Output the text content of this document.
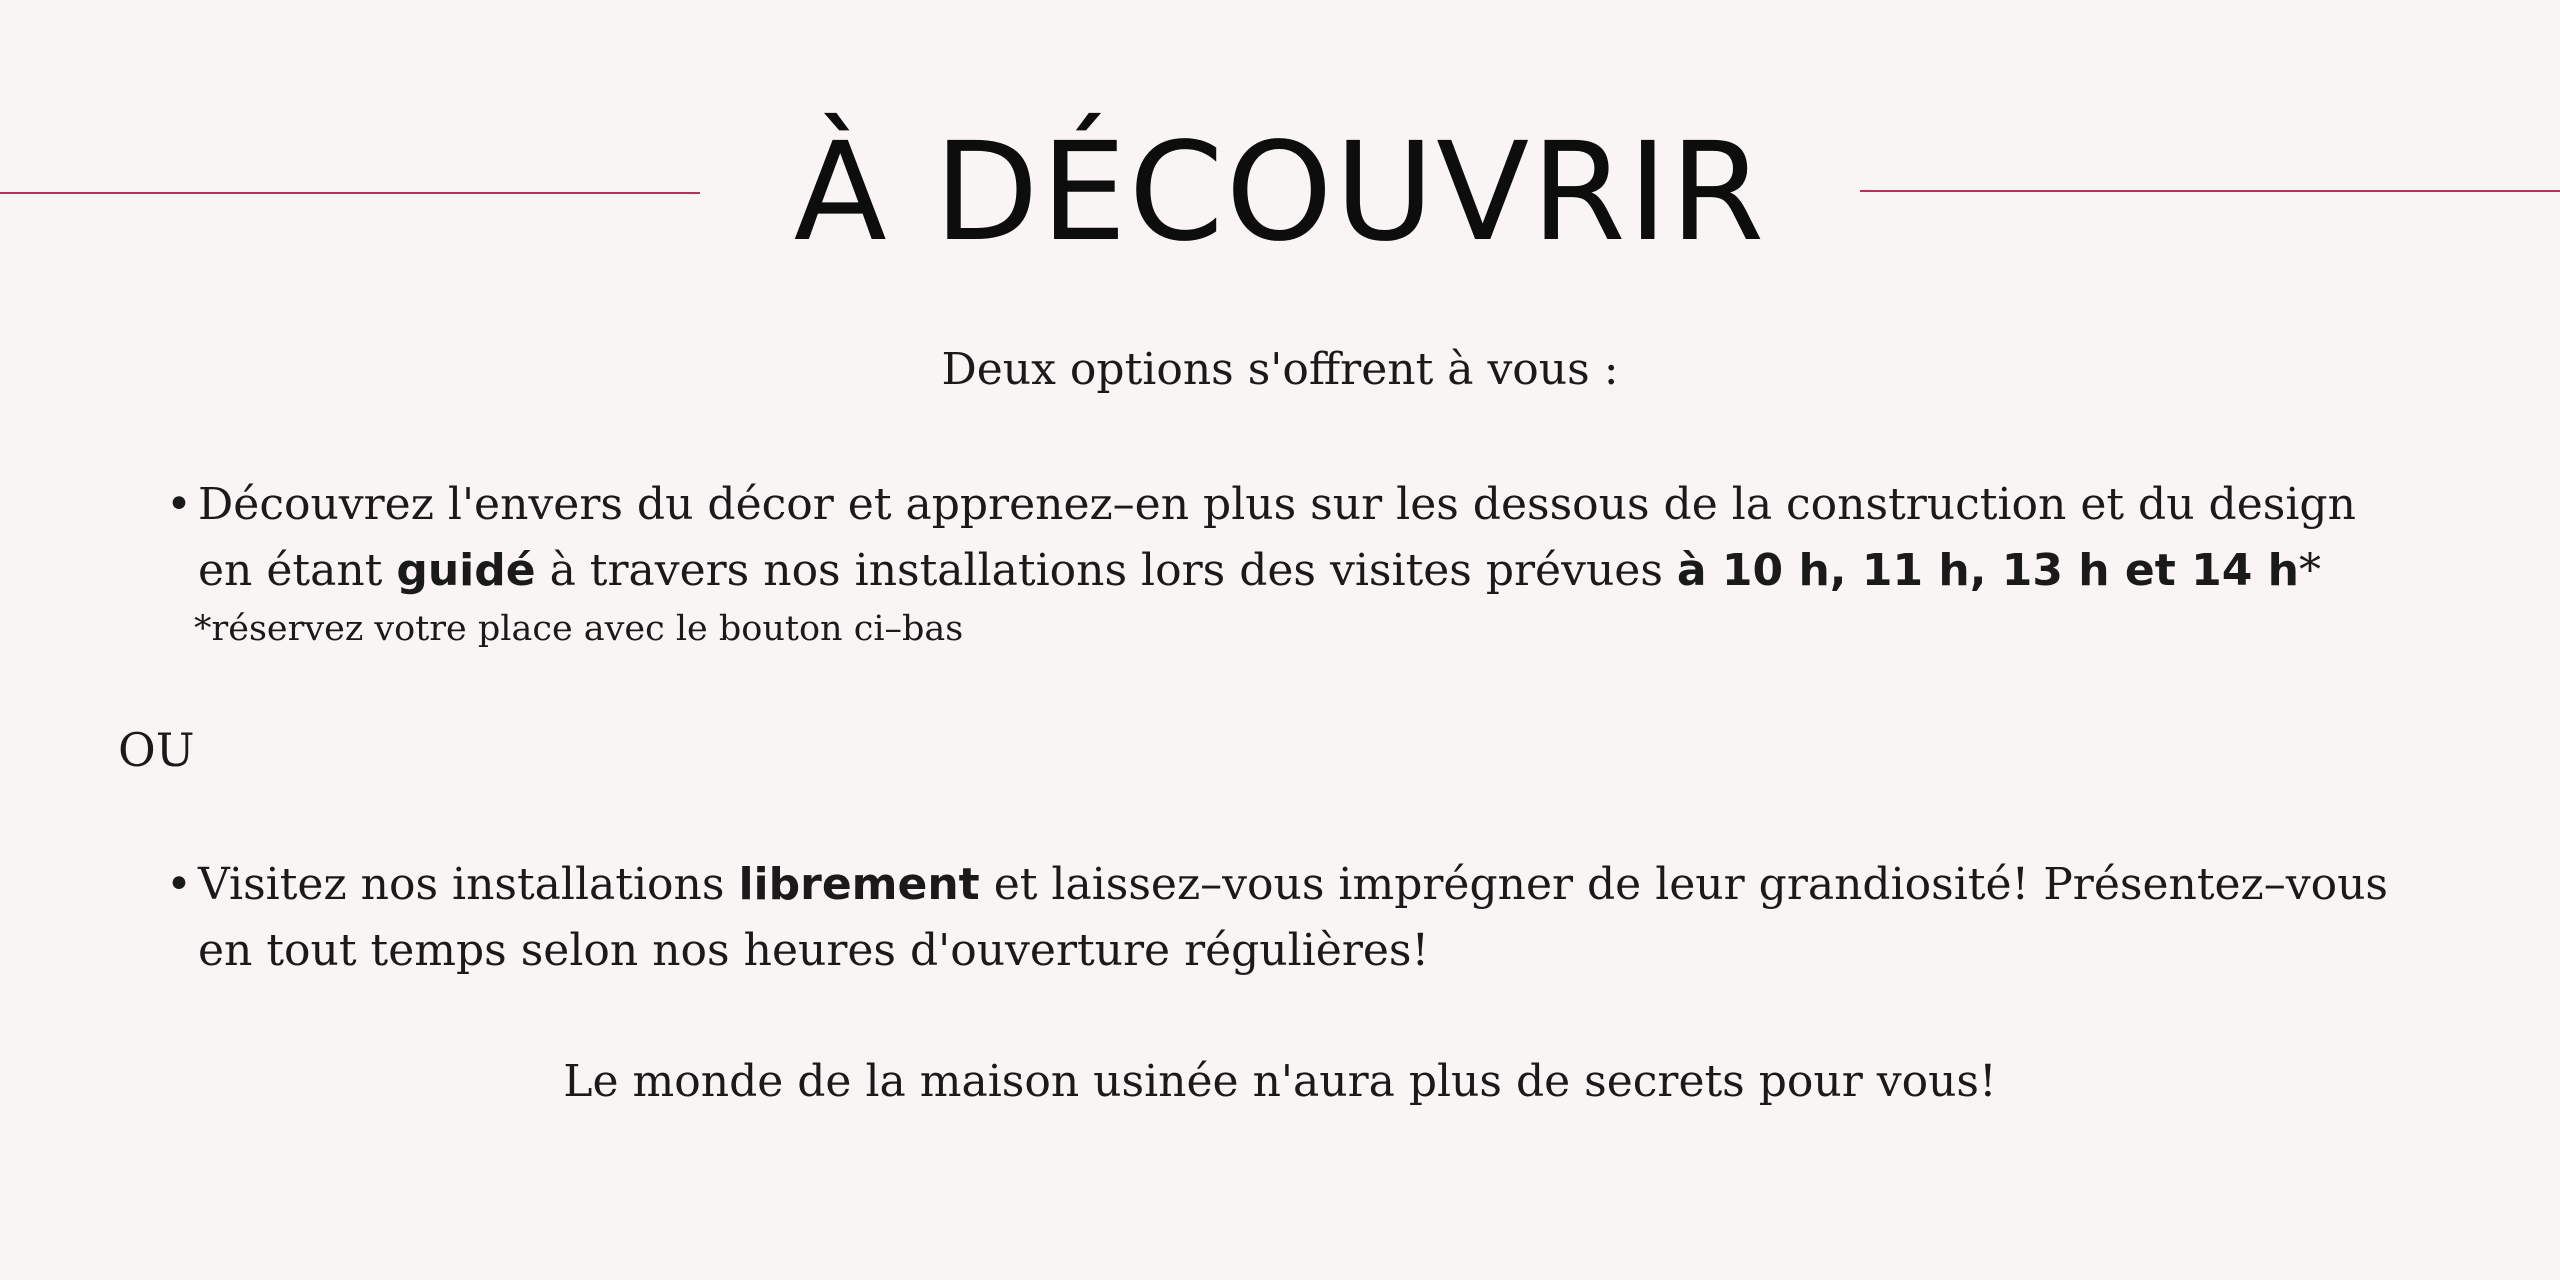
À DÉCOUVRIR

Deux options s'offrent à vous :

• Découvrez l'envers du décor et apprenez–en plus sur les dessous de la construction et du design
en étant guidé à travers nos installations lors des visites prévues à 10 h, 11 h, 13 h et 14 h*

*réservez votre place avec le bouton ci–bas

OU

• Visitez nos installations librement et laissez–vous imprégner de leur grandiosité! Présentez–vous
en tout temps selon nos heures d'ouverture régulières!

Le monde de la maison usinée n'aura plus de secrets pour vous!
